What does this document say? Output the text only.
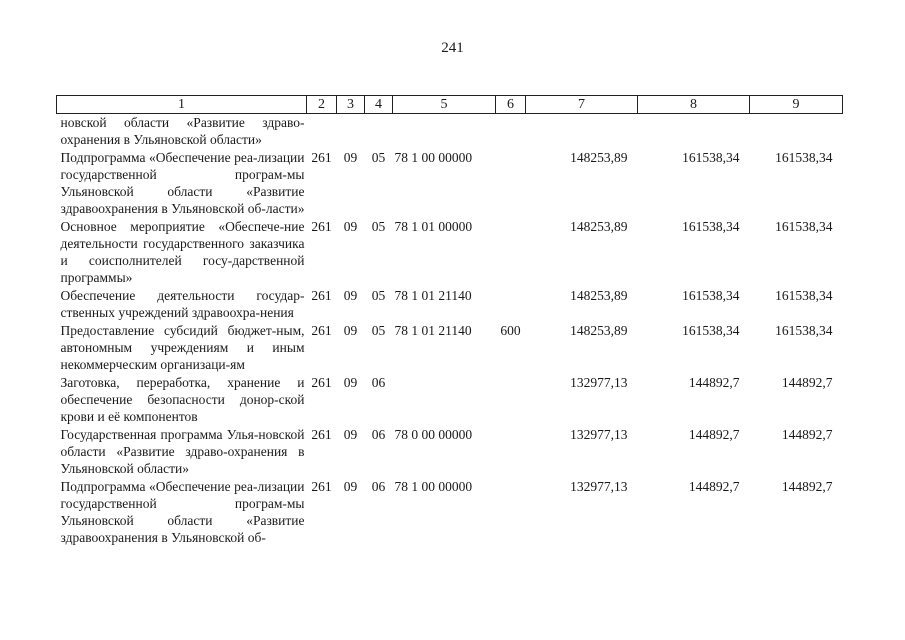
241
1	2	3	4	5	6	7	8	9
новской области «Развитие здраво-охранения в Ульяновской области»								
Подпрограмма «Обеспечение реа-лизации государственной програм-мы Ульяновской области «Развитие здравоохранения в Ульяновской об-ласти»	261	09	05	78 1 00 00000		148253,89	161538,34	161538,34
Основное мероприятие «Обеспече-ние деятельности государственного заказчика и соисполнителей госу-дарственной программы»	261	09	05	78 1 01 00000		148253,89	161538,34	161538,34
Обеспечение деятельности государ-ственных учреждений здравоохра-нения	261	09	05	78 1 01 21140		148253,89	161538,34	161538,34
Предоставление субсидий бюджет-ным, автономным учреждениям и иным некоммерческим организаци-ям	261	09	05	78 1 01 21140	600	148253,89	161538,34	161538,34
Заготовка, переработка, хранение и обеспечение безопасности донор-ской крови и её компонентов	261	09	06			132977,13	144892,7	144892,7
Государственная программа Улья-новской области «Развитие здраво-охранения в Ульяновской области»	261	09	06	78 0 00 00000		132977,13	144892,7	144892,7
Подпрограмма «Обеспечение реа-лизации государственной програм-мы Ульяновской области «Развитие здравоохранения в Ульяновской об-	261	09	06	78 1 00 00000		132977,13	144892,7	144892,7
